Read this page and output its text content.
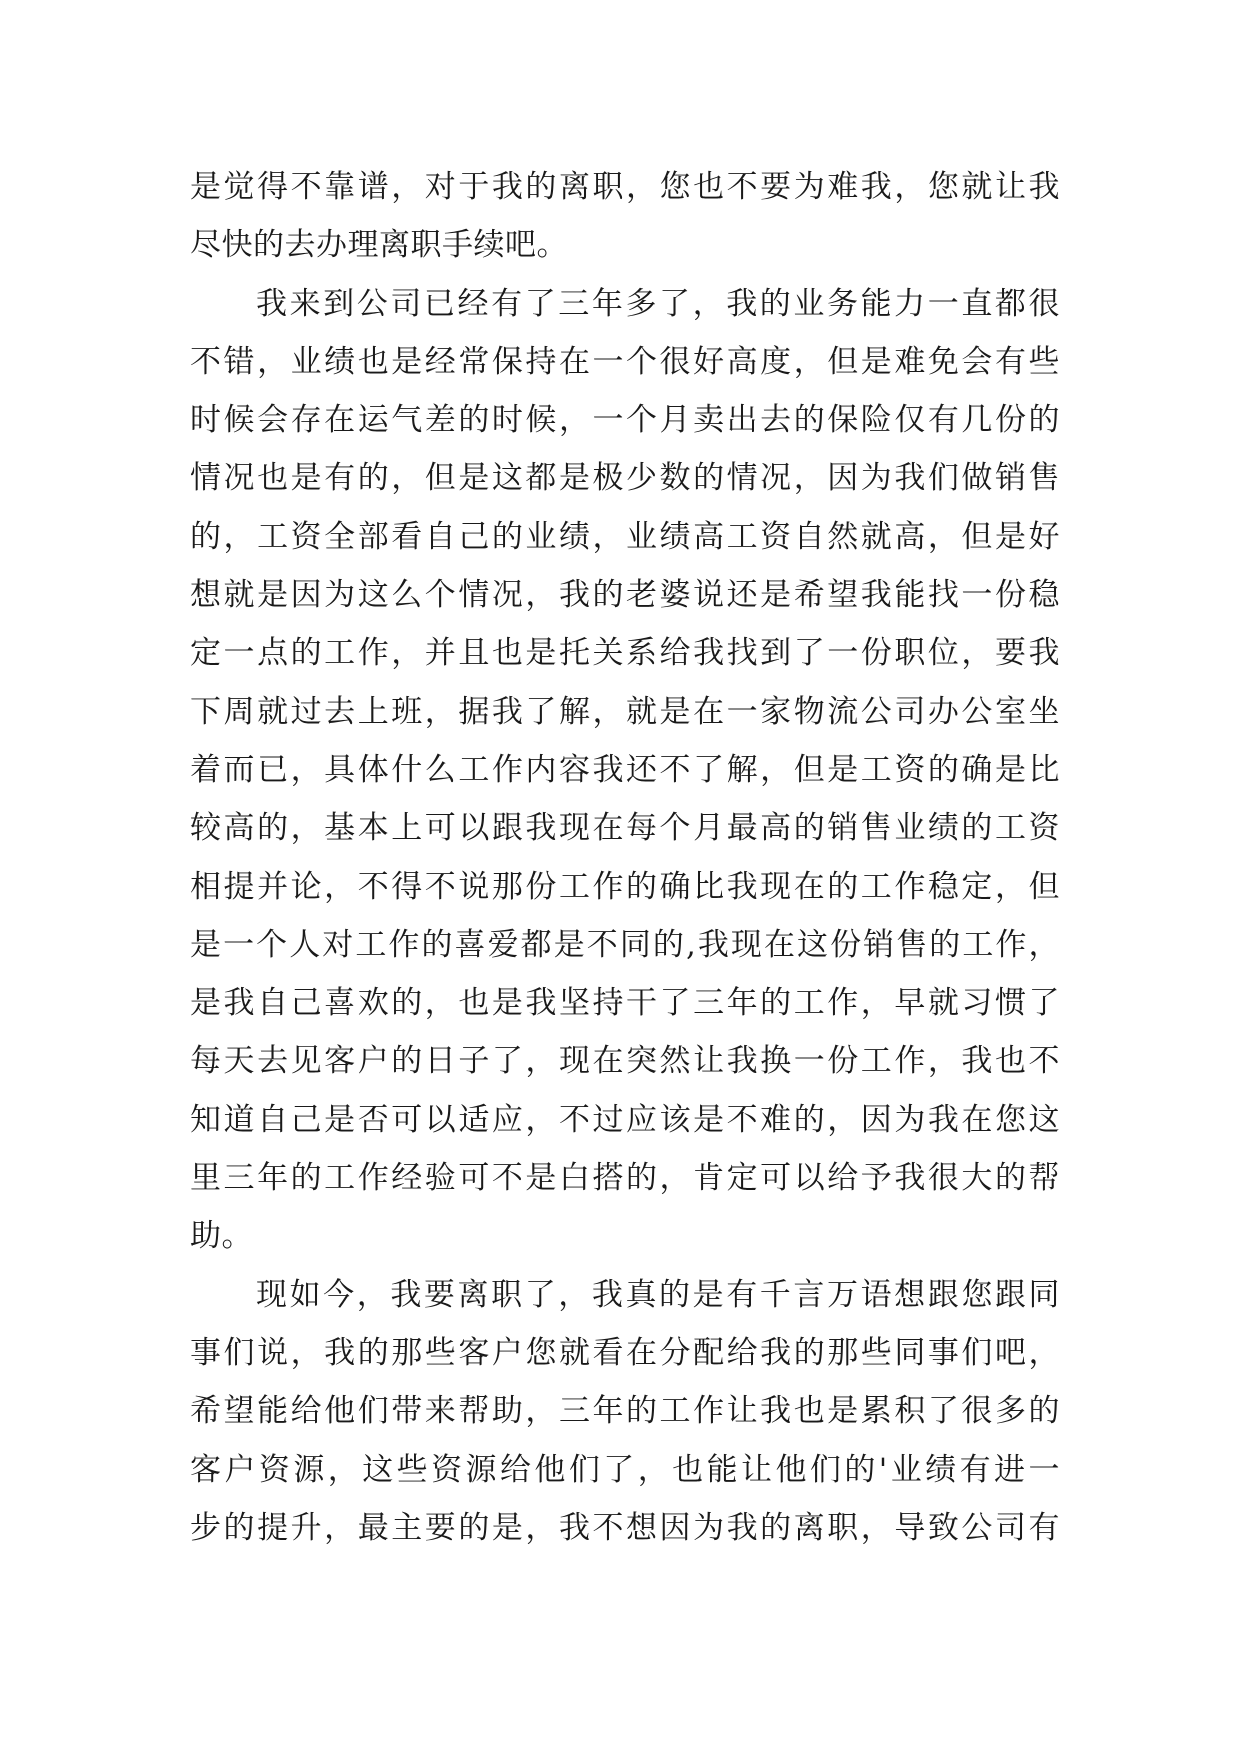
是觉得不靠谱，对于我的离职，您也不要为难我，您就让我
尽快的去办理离职手续吧。
我来到公司已经有了三年多了，我的业务能力一直都很
不错，业绩也是经常保持在一个很好高度，但是难免会有些
时候会存在运气差的时候，一个月卖出去的保险仅有几份的
情况也是有的，但是这都是极少数的情况，因为我们做销售
的，工资全部看自己的业绩，业绩高工资自然就高，但是好
想就是因为这么个情况，我的老婆说还是希望我能找一份稳
定一点的工作，并且也是托关系给我找到了一份职位，要我
下周就过去上班，据我了解，就是在一家物流公司办公室坐
着而已，具体什么工作内容我还不了解，但是工资的确是比
较高的，基本上可以跟我现在每个月最高的销售业绩的工资
相提并论，不得不说那份工作的确比我现在的工作稳定，但
是一个人对工作的喜爱都是不同的,我现在这份销售的工作，
是我自己喜欢的，也是我坚持干了三年的工作，早就习惯了
每天去见客户的日子了，现在突然让我换一份工作，我也不
知道自己是否可以适应，不过应该是不难的，因为我在您这
里三年的工作经验可不是白搭的，肯定可以给予我很大的帮
助。
现如今，我要离职了，我真的是有千言万语想跟您跟同
事们说，我的那些客户您就看在分配给我的那些同事们吧，
希望能给他们带来帮助，三年的工作让我也是累积了很多的
客户资源，这些资源给他们了，也能让他们的'业绩有进一
步的提升，最主要的是，我不想因为我的离职，导致公司有
